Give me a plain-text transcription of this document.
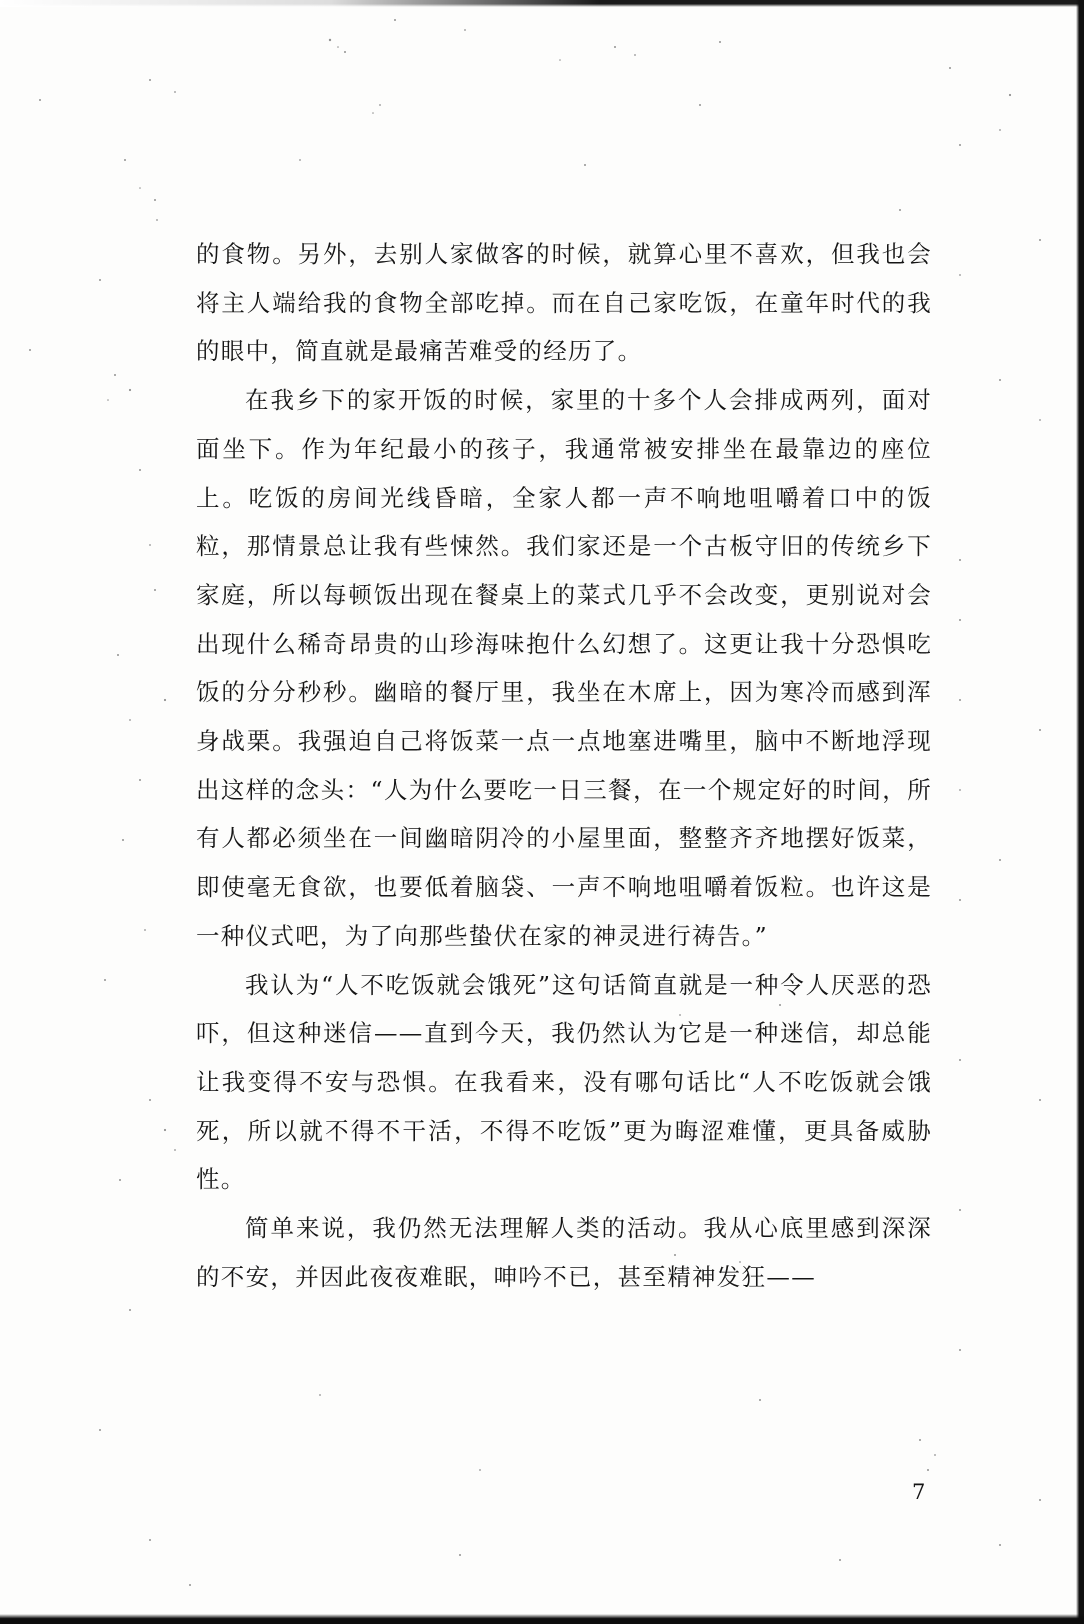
的食物。另外，去别人家做客的时候，就算心里不喜欢，但我也会将主人端给我的食物全部吃掉。而在自己家吃饭，在童年时代的我的眼中，简直就是最痛苦难受的经历了。

在我乡下的家开饭的时候，家里的十多个人会排成两列，面对面坐下。作为年纪最小的孩子，我通常被安排坐在最靠边的座位上。吃饭的房间光线昏暗，全家人都一声不响地咀嚼着口中的饭粒，那情景总让我有些悚然。我们家还是一个古板守旧的传统乡下家庭，所以每顿饭出现在餐桌上的菜式几乎不会改变，更别说对会出现什么稀奇昂贵的山珍海味抱什么幻想了。这更让我十分恐惧吃饭的分分秒秒。幽暗的餐厅里，我坐在木席上，因为寒冷而感到浑身战栗。我强迫自己将饭菜一点一点地塞进嘴里，脑中不断地浮现出这样的念头：“人为什么要吃一日三餐，在一个规定好的时间，所有人都必须坐在一间幽暗阴冷的小屋里面，整整齐齐地摆好饭菜，即使毫无食欲，也要低着脑袋、一声不响地咀嚼着饭粒。也许这是一种仪式吧，为了向那些蛰伏在家的神灵进行祷告。”

我认为“人不吃饭就会饿死”这句话简直就是一种令人厌恶的恐吓，但这种迷信——直到今天，我仍然认为它是一种迷信，却总能让我变得不安与恐惧。在我看来，没有哪句话比“人不吃饭就会饿死，所以就不得不干活，不得不吃饭”更为晦涩难懂，更具备威胁性。

简单来说，我仍然无法理解人类的活动。我从心底里感到深深的不安，并因此夜夜难眠，呻吟不已，甚至精神发狂——

7
